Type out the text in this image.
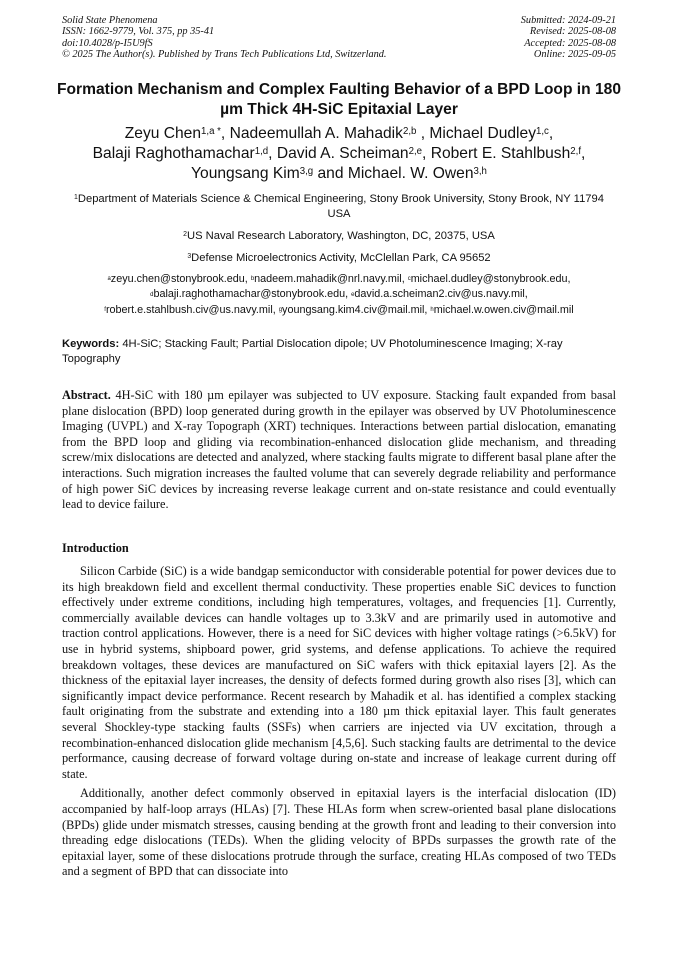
Solid State Phenomena
ISSN: 1662-9779, Vol. 375, pp 35-41
doi:10.4028/p-I5U9fS
© 2025 The Author(s). Published by Trans Tech Publications Ltd, Switzerland.
Submitted: 2024-09-21
Revised: 2025-08-08
Accepted: 2025-08-08
Online: 2025-09-05
Formation Mechanism and Complex Faulting Behavior of a BPD Loop in 180 µm Thick 4H-SiC Epitaxial Layer
Zeyu Chen$^{1,a *}$, Nadeemullah A. Mahadik$^{2,b}$ , Michael Dudley$^{1,c}$,
Balaji Raghothamachar$^{1,d}$, David A. Scheiman$^{2,e}$, Robert E. Stahlbush$^{2,f}$,
Youngsang Kim$^{3,g}$ and Michael. W. Owen$^{3,h}$
$^1$Department of Materials Science & Chemical Engineering, Stony Brook University, Stony Brook, NY 11794 USA
$^2$US Naval Research Laboratory, Washington, DC, 20375, USA
$^3$Defense Microelectronics Activity, McClellan Park, CA 95652
$^a$zeyu.chen@stonybrook.edu, $^b$nadeem.mahadik@nrl.navy.mil, $^c$michael.dudley@stonybrook.edu,
$^d$balaji.raghothamachar@stonybrook.edu, $^e$david.a.scheiman2.civ@us.navy.mil,
$^f$robert.e.stahlbush.civ@us.navy.mil, $^g$youngsang.kim4.civ@mail.mil, $^h$michael.w.owen.civ@mail.mil
Keywords: 4H-SiC; Stacking Fault; Partial Dislocation dipole; UV Photoluminescence Imaging; X-ray Topography
Abstract. 4H-SiC with 180 µm epilayer was subjected to UV exposure. Stacking fault expanded from basal plane dislocation (BPD) loop generated during growth in the epilayer was observed by UV Photoluminescence Imaging (UVPL) and X-ray Topograph (XRT) techniques. Interactions between partial dislocation, emanating from the BPD loop and gliding via recombination-enhanced dislocation glide mechanism, and threading screw/mix dislocations are detected and analyzed, where stacking faults migrate to different basal plane after the interactions. Such migration increases the faulted volume that can severely degrade reliability and performance of high power SiC devices by increasing reverse leakage current and on-state resistance and could eventually lead to device failure.
Introduction

Silicon Carbide (SiC) is a wide bandgap semiconductor with considerable potential for power devices due to its high breakdown field and excellent thermal conductivity. These properties enable SiC devices to function effectively under extreme conditions, including high temperatures, voltages, and frequencies [1]. Currently, commercially available devices can handle voltages up to 3.3kV and are primarily used in automotive and traction control applications. However, there is a need for SiC devices with higher voltage ratings (>6.5kV) for use in hybrid systems, shipboard power, grid systems, and defense applications. To achieve the required breakdown voltages, these devices are manufactured on SiC wafers with thick epitaxial layers [2]. As the thickness of the epitaxial layer increases, the density of defects formed during growth also rises [3], which can significantly impact device performance. Recent research by Mahadik et al. has identified a complex stacking fault originating from the substrate and extending into a 180 µm thick epitaxial layer. This fault generates several Shockley-type stacking faults (SSFs) when carriers are injected via UV excitation, through a recombination-enhanced dislocation glide mechanism [4,5,6]. Such stacking faults are detrimental to the device performance, causing decrease of forward voltage during on-state and increase of leakage current during off state.

Additionally, another defect commonly observed in epitaxial layers is the interfacial dislocation (ID) accompanied by half-loop arrays (HLAs) [7]. These HLAs form when screw-oriented basal plane dislocations (BPDs) glide under mismatch stresses, causing bending at the growth front and leading to their conversion into threading edge dislocations (TEDs). When the gliding velocity of BPDs surpasses the growth rate of the epitaxial layer, some of these dislocations protrude through the surface, creating HLAs composed of two TEDs and a segment of BPD that can dissociate into
